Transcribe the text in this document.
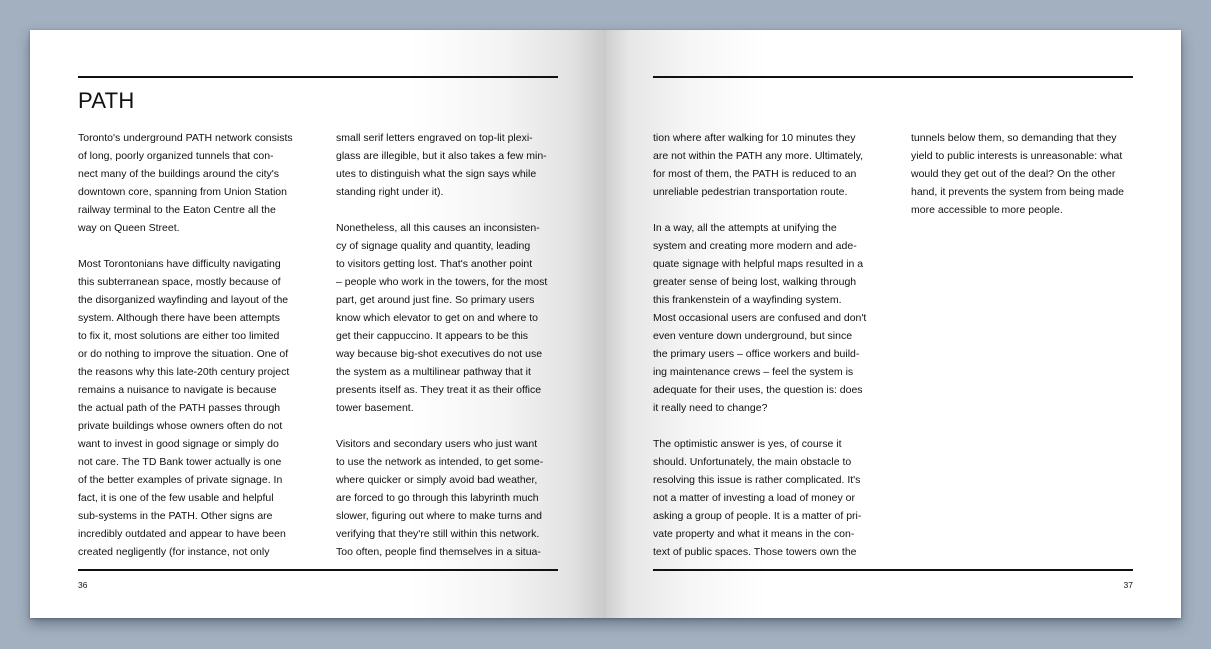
PATH
Toronto's underground PATH network consists
of long, poorly organized tunnels that con-
nect many of the buildings around the city's
downtown core, spanning from Union Station
railway terminal to the Eaton Centre all the
way on Queen Street.
Most Torontonians have difficulty navigating
this subterranean space, mostly because of
the disorganized wayfinding and layout of the
system. Although there have been attempts
to fix it, most solutions are either too limited
or do nothing to improve the situation. One of
the reasons why this late-20th century project
remains a nuisance to navigate is because
the actual path of the PATH passes through
private buildings whose owners often do not
want to invest in good signage or simply do
not care. The TD Bank tower actually is one
of the better examples of private signage. In
fact, it is one of the few usable and helpful
sub-systems in the PATH. Other signs are
incredibly outdated and appear to have been
created negligently (for instance, not only
small serif letters engraved on top-lit plexi-
glass are illegible, but it also takes a few min-
utes to distinguish what the sign says while
standing right under it).
Nonetheless, all this causes an inconsisten-
cy of signage quality and quantity, leading
to visitors getting lost. That's another point
– people who work in the towers, for the most
part, get around just fine. So primary users
know which elevator to get on and where to
get their cappuccino. It appears to be this
way because big-shot executives do not use
the system as a multilinear pathway that it
presents itself as. They treat it as their office
tower basement.
Visitors and secondary users who just want
to use the network as intended, to get some-
where quicker or simply avoid bad weather,
are forced to go through this labyrinth much
slower, figuring out where to make turns and
verifying that they're still within this network.
Too often, people find themselves in a situa-
36
tion where after walking for 10 minutes they
are not within the PATH any more. Ultimately,
for most of them, the PATH is reduced to an
unreliable pedestrian transportation route.
In a way, all the attempts at unifying the
system and creating more modern and ade-
quate signage with helpful maps resulted in a
greater sense of being lost, walking through
this frankenstein of a wayfinding system.
Most occasional users are confused and don't
even venture down underground, but since
the primary users – office workers and build-
ing maintenance crews – feel the system is
adequate for their uses, the question is: does
it really need to change?
The optimistic answer is yes, of course it
should. Unfortunately, the main obstacle to
resolving this issue is rather complicated. It's
not a matter of investing a load of money or
asking a group of people. It is a matter of pri-
vate property and what it means in the con-
text of public spaces. Those towers own the
tunnels below them, so demanding that they
yield to public interests is unreasonable: what
would they get out of the deal? On the other
hand, it prevents the system from being made
more accessible to more people.
37
